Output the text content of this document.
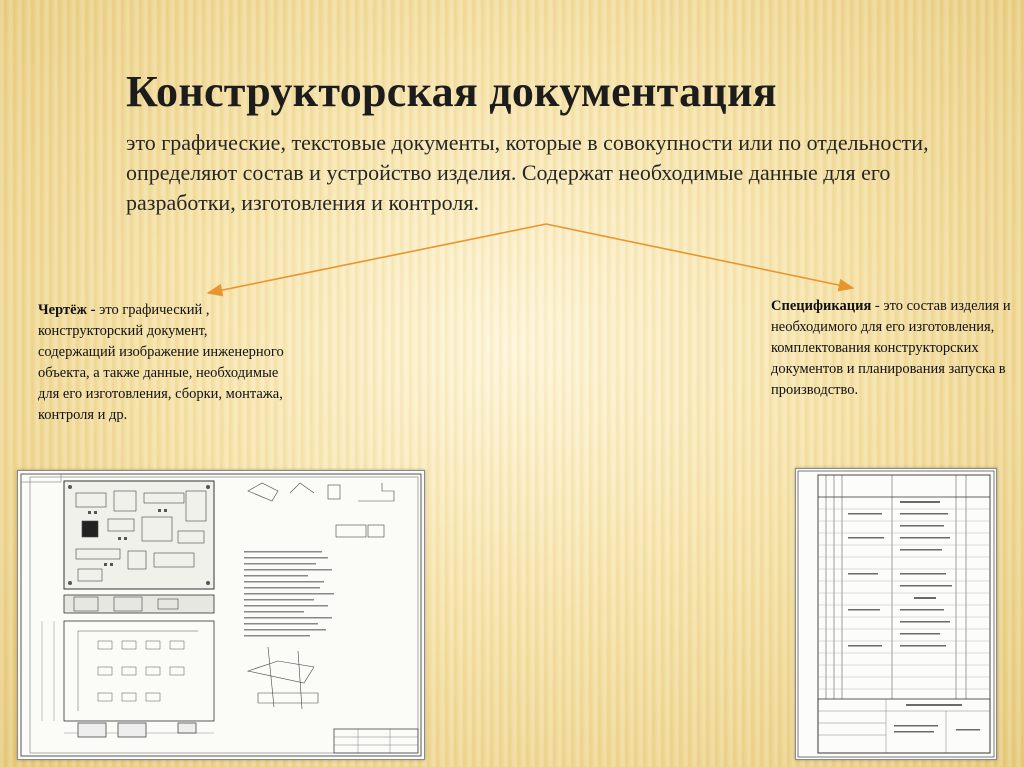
Конструкторская документация
это графические, текстовые документы, которые в совокупности или по отдельности, определяют состав и устройство изделия. Содержат необходимые данные для его разработки, изготовления и контроля.
Чертёж - это графический , конструкторский документ, содержащий изображение инженерного объекта, а также данные, необходимые для его изготовления, сборки, монтажа, контроля и др.
Спецификация - это состав изделия и необходимого для его изготовления, комплектования конструкторских документов и планирования запуска в производство.
